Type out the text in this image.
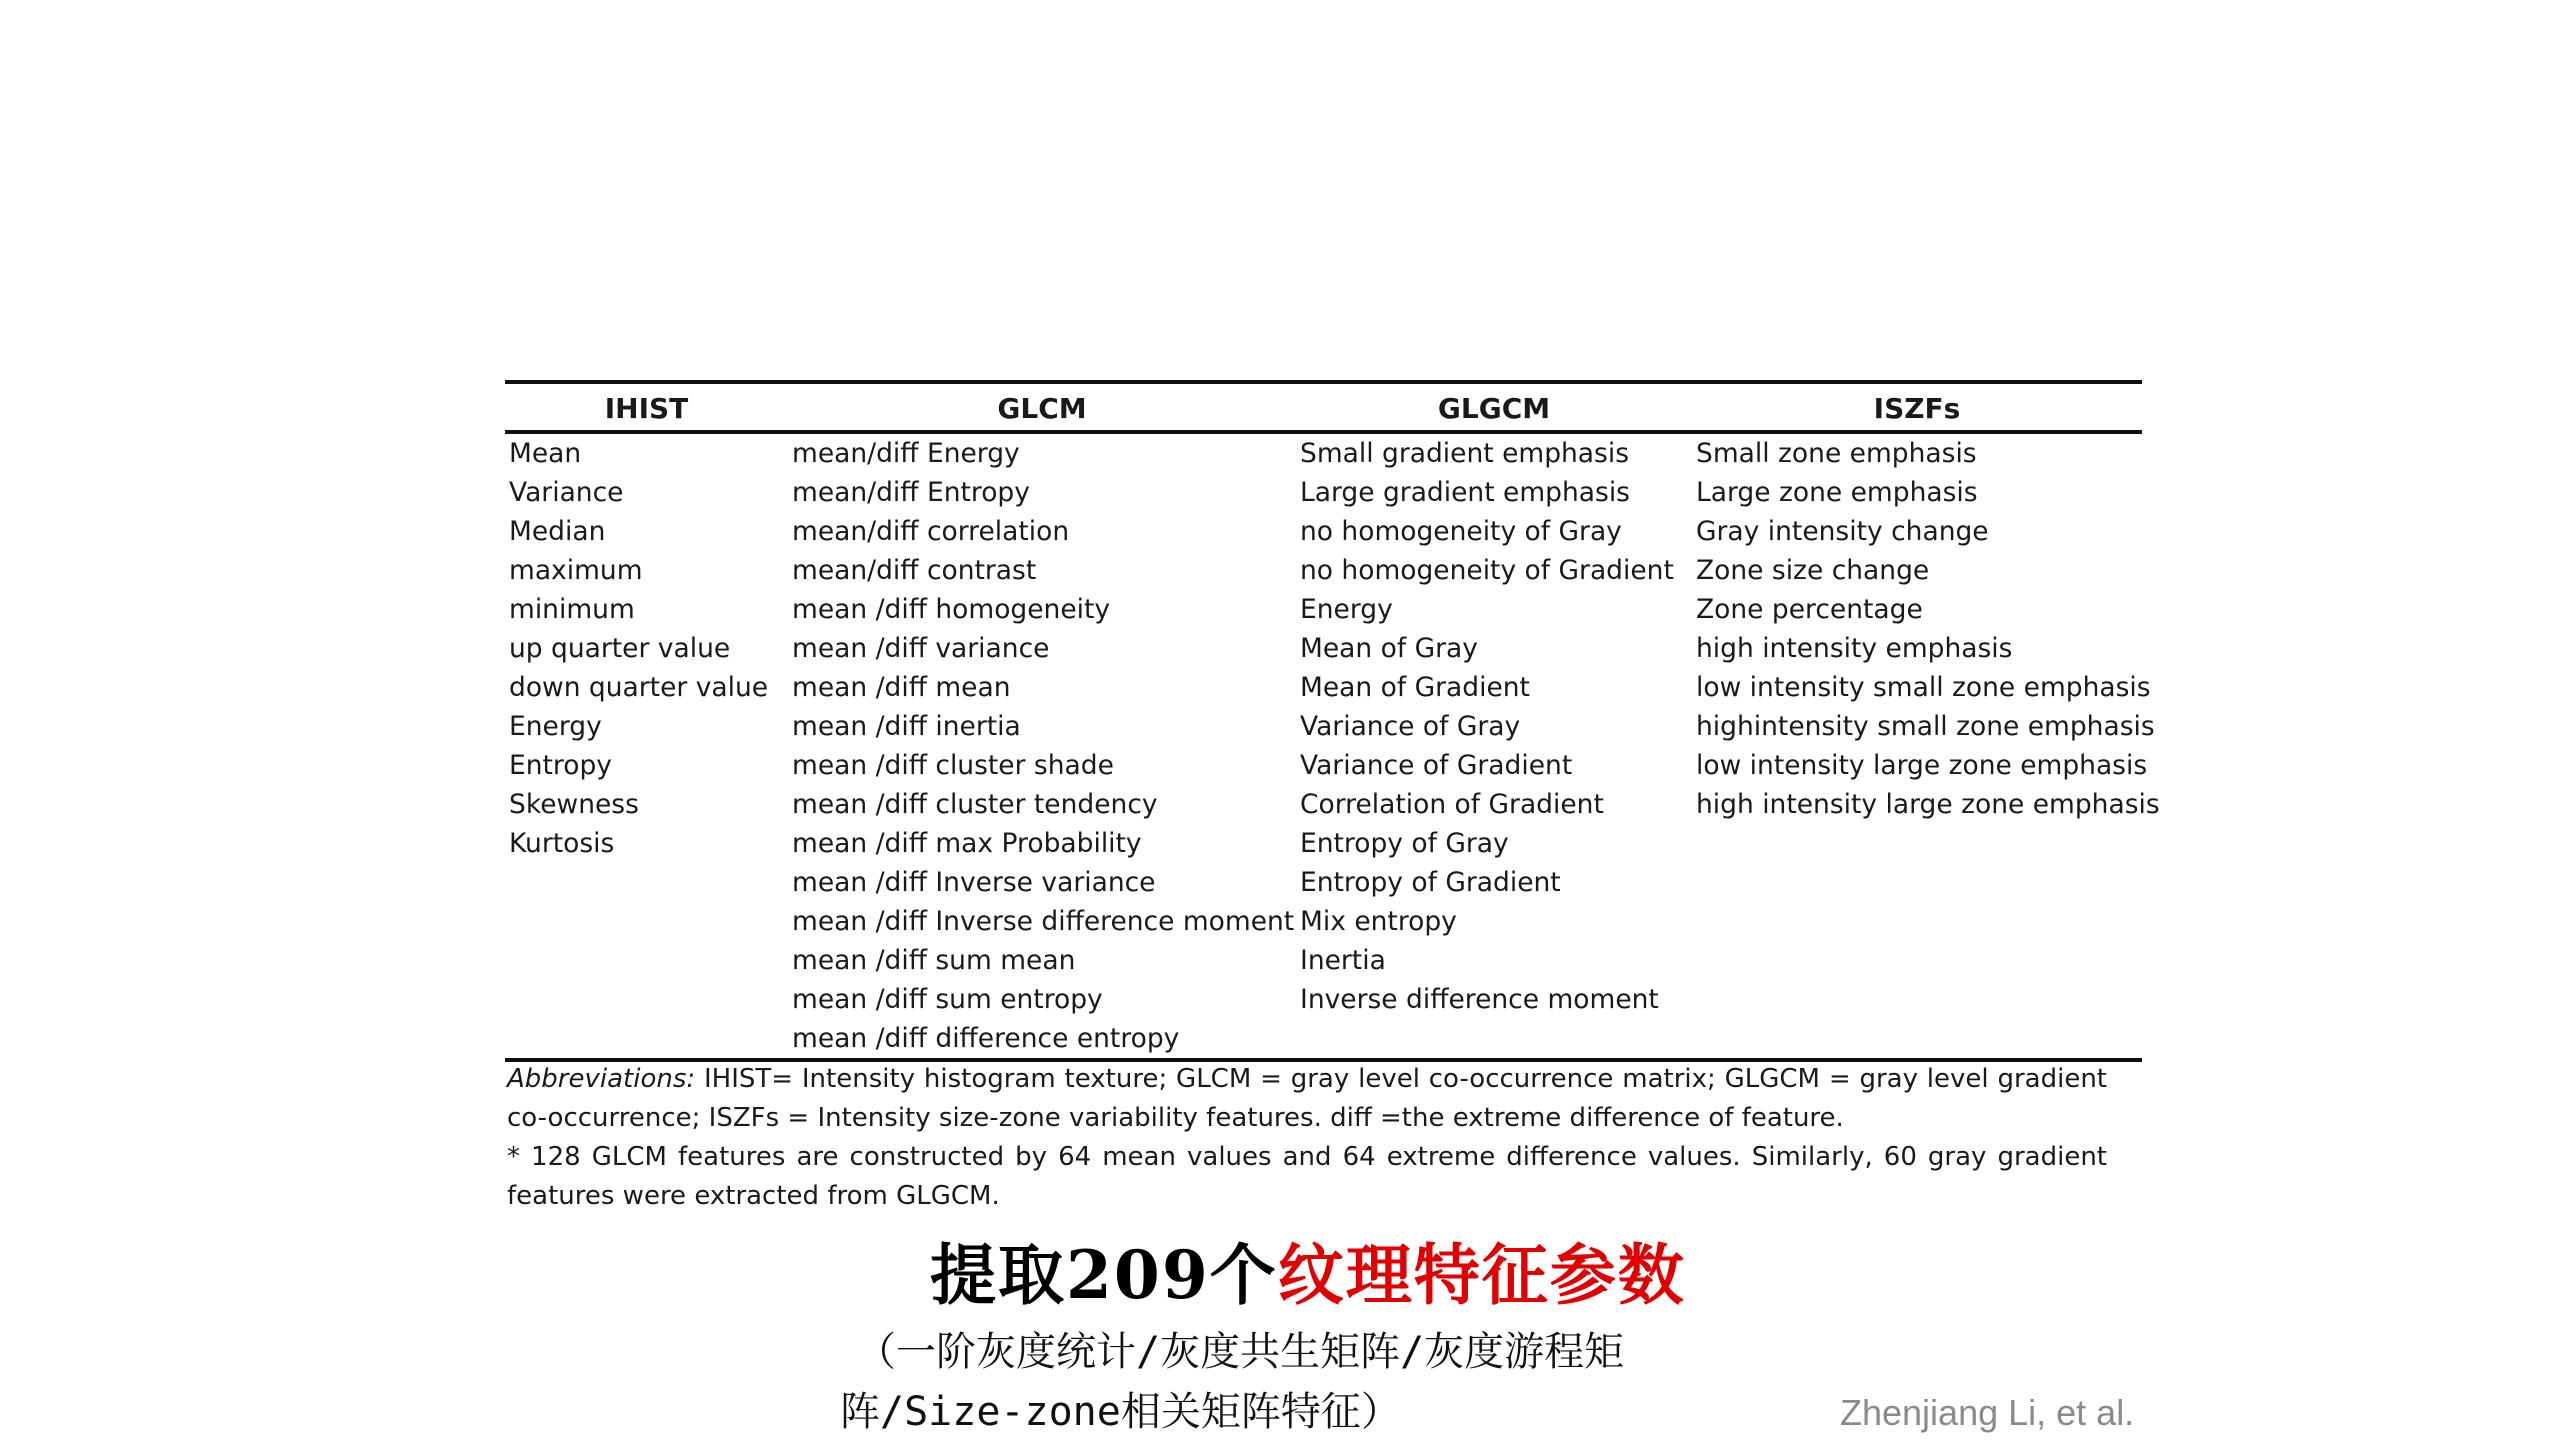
IHIST	GLCM	GLGCM	ISZFs
Mean	mean/diff Energy	Small gradient emphasis	Small zone emphasis
Variance	mean/diff Entropy	Large gradient emphasis	Large zone emphasis
Median	mean/diff correlation	no homogeneity of Gray	Gray intensity change
maximum	mean/diff contrast	no homogeneity of Gradient	Zone size change
minimum	mean /diff homogeneity	Energy	Zone percentage
up quarter value	mean /diff variance	Mean of Gray	high intensity emphasis
down quarter value	mean /diff mean	Mean of Gradient	low intensity small zone emphasis
Energy	mean /diff inertia	Variance of Gray	highintensity small zone emphasis
Entropy	mean /diff cluster shade	Variance of Gradient	low intensity large zone emphasis
Skewness	mean /diff cluster tendency	Correlation of Gradient	high intensity large zone emphasis
Kurtosis	mean /diff max Probability	Entropy of Gray	
	mean /diff Inverse variance	Entropy of Gradient	
	mean /diff Inverse difference moment	Mix entropy	
	mean /diff sum mean	Inertia	
	mean /diff sum entropy	Inverse difference moment	
	mean /diff difference entropy		

Abbreviations: IHIST= Intensity histogram texture; GLCM = gray level co-occurrence matrix; GLGCM = gray level gradient co-occurrence; ISZFs = Intensity size-zone variability features. diff =the extreme difference of feature.

* 128 GLCM features are constructed by 64 mean values and 64 extreme difference values. Similarly, 60 gray gradient features were extracted from GLGCM.

提取209个纹理特征参数
（一阶灰度统计/灰度共生矩阵/灰度游程矩
阵/Size-zone相关矩阵特征）	Zhenjiang Li, et al.
